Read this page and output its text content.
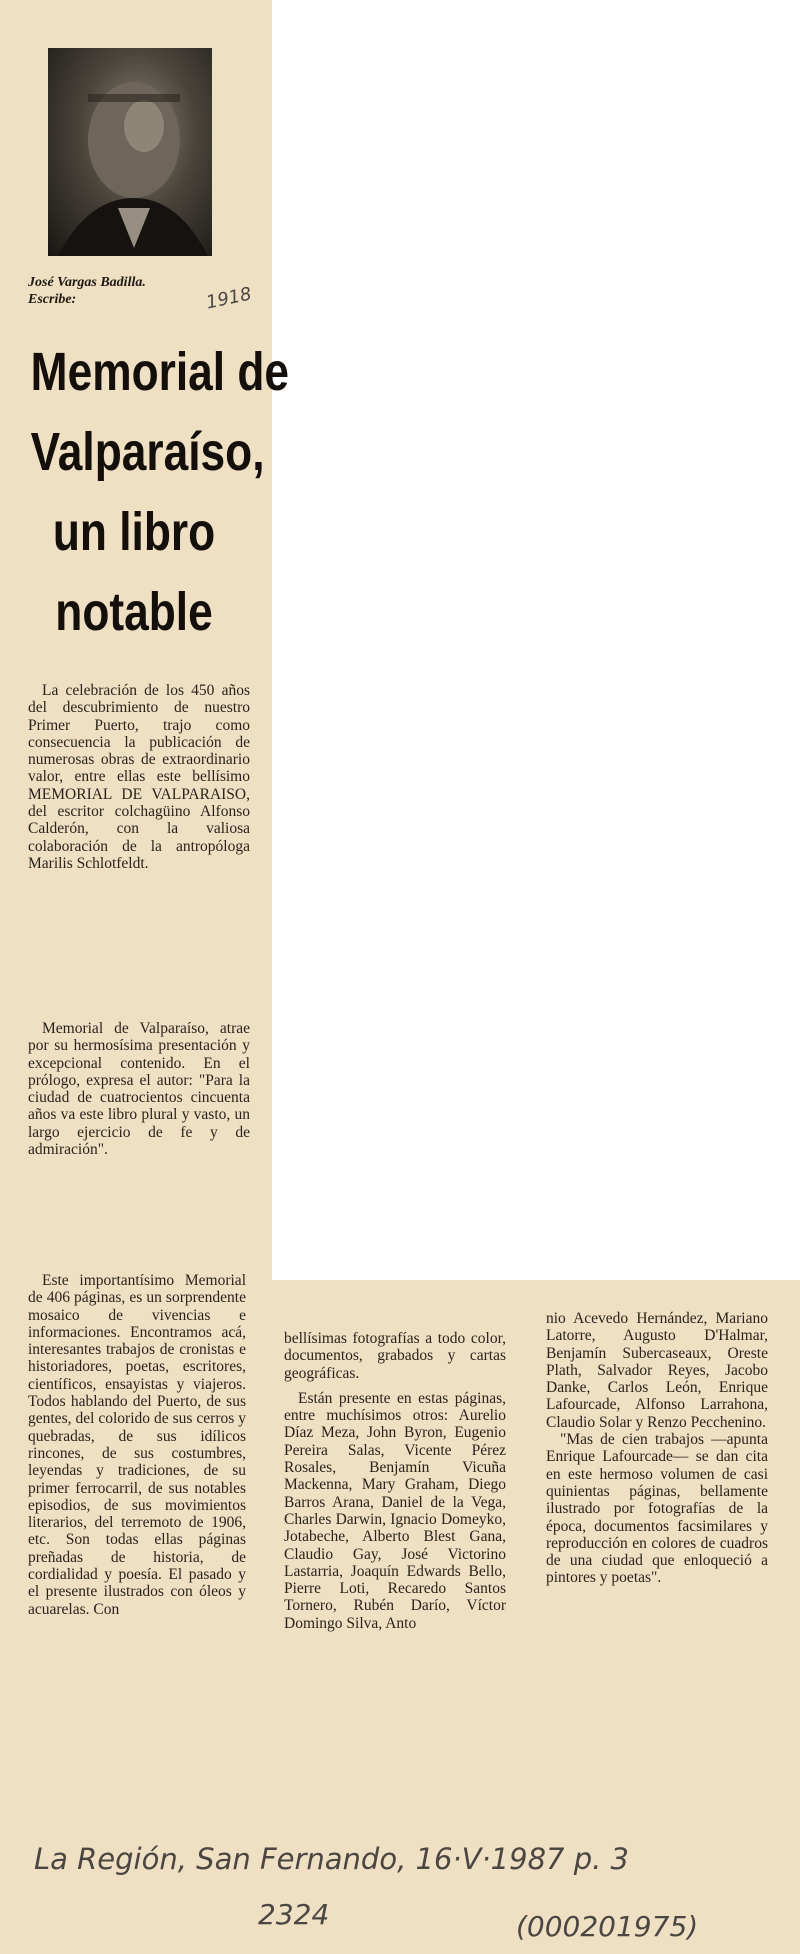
José Vargas Badilla.
Escribe:	1918
Memorial de
Valparaíso,
un libro
notable
La celebración de los 450 años del descubrimiento de nuestro Primer Puerto, trajo como consecuencia la publicación de numerosas obras de extraordinario valor, entre ellas este bellísimo MEMORIAL DE VALPARAISO, del escritor colchagüino Alfonso Calderón, con la valiosa colaboración de la antropóloga Marilis Schlotfeldt.
Memorial de Valparaíso, atrae por su hermosísima presentación y excepcional contenido. En el prólogo, expresa el autor: "Para la ciudad de cuatrocientos cincuenta años va este libro plural y vasto, un largo ejercicio de fe y de admiración".
Este importantísimo Memorial de 406 páginas, es un sorprendente mosaico de vivencias e informaciones. Encontramos acá, interesantes trabajos de cronistas e historiadores, poetas, escritores, científicos, ensayistas y viajeros. Todos hablando del Puerto, de sus gentes, del colorido de sus cerros y quebradas, de sus idílicos rincones, de sus costumbres, leyendas y tradiciones, de su primer ferrocarril, de sus notables episodios, de sus movimientos literarios, del terremoto de 1906, etc. Son todas ellas páginas preñadas de historia, de cordialidad y poesía. El pasado y el presente ilustrados con óleos y acuarelas. Con

bellísimas fotografías a todo color, documentos, grabados y cartas geográficas.

Están presente en estas páginas, entre muchísimos otros: Aurelio Díaz Meza, John Byron, Eugenio Pereira Salas, Vicente Pérez Rosales, Benjamín Vicuña Mackenna, Mary Graham, Diego Barros Arana, Daniel de la Vega, Charles Darwin, Ignacio Domeyko, Jotabeche, Alberto Blest Gana, Claudio Gay, José Victorino Lastarria, Joaquín Edwards Bello, Pierre Loti, Recaredo Santos Tornero, Rubén Darío, Víctor Domingo Silva, Anto

nio Acevedo Hernández, Mariano Latorre, Augusto D'Halmar, Benjamín Subercaseaux, Oreste Plath, Salvador Reyes, Jacobo Danke, Carlos León, Enrique Lafourcade, Alfonso Larrahona, Claudio Solar y Renzo Pecchenino.

"Mas de cien trabajos —apunta Enrique Lafourcade— se dan cita en este hermoso volumen de casi quinientas páginas, bellamente ilustrado por fotografías de la época, documentos facsimilares y reproducción en colores de cuadros de una ciudad que enloqueció a pintores y poetas".

La Región, San Fernando, 16·V·1987 p. 3
2324	(000201975)
